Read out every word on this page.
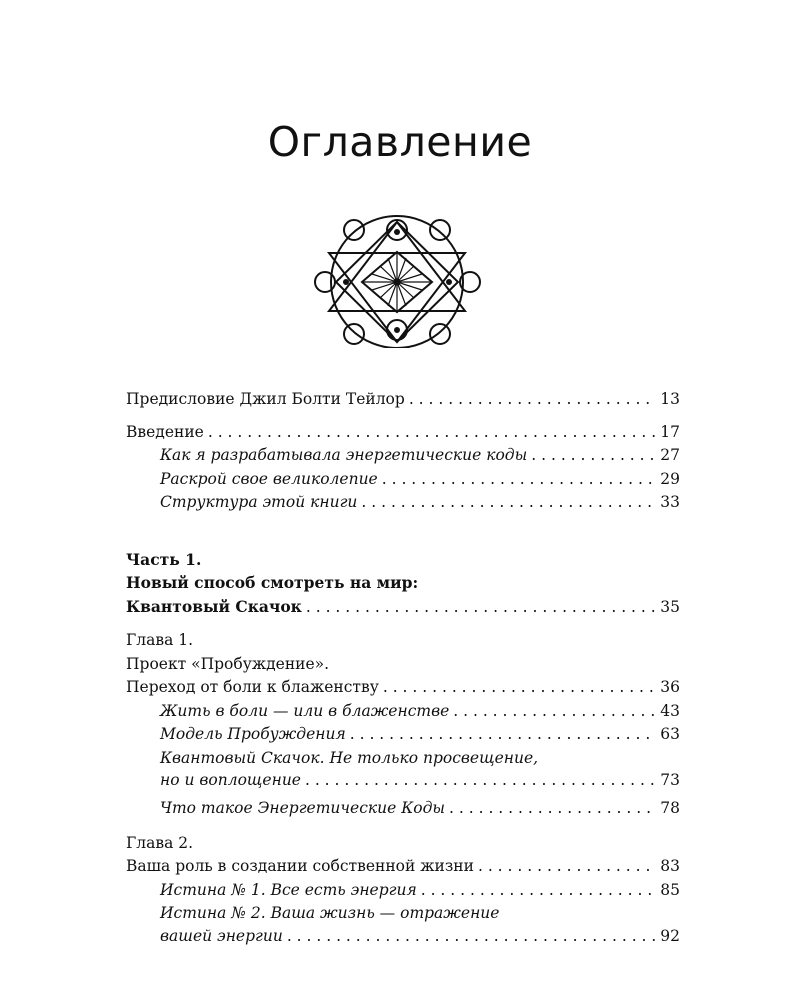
Оглавление
Предисловие Джил Болти Тейлор . . .	13
Введение . . .	17
Как я разрабатывала энергетические коды . . .	27
Раскрой свое великолепие . . .	29
Структура этой книги . . .	33
Часть 1.
Новый способ смотреть на мир:
Квантовый Скачок . . .	35
Глава 1.
Проект «Пробуждение».
Переход от боли к блаженству . . .	36
Жить в боли — или в блаженстве . . .	43
Модель Пробуждения . . .	63
Квантовый Скачок. Не только просвещение,
но и воплощение . . .	73
Что такое Энергетические Коды . . .	78
Глава 2.
Ваша роль в создании собственной жизни . . .	83
Истина № 1. Все есть энергия . . .	85
Истина № 2. Ваша жизнь — отражение
вашей энергии . . .	92
